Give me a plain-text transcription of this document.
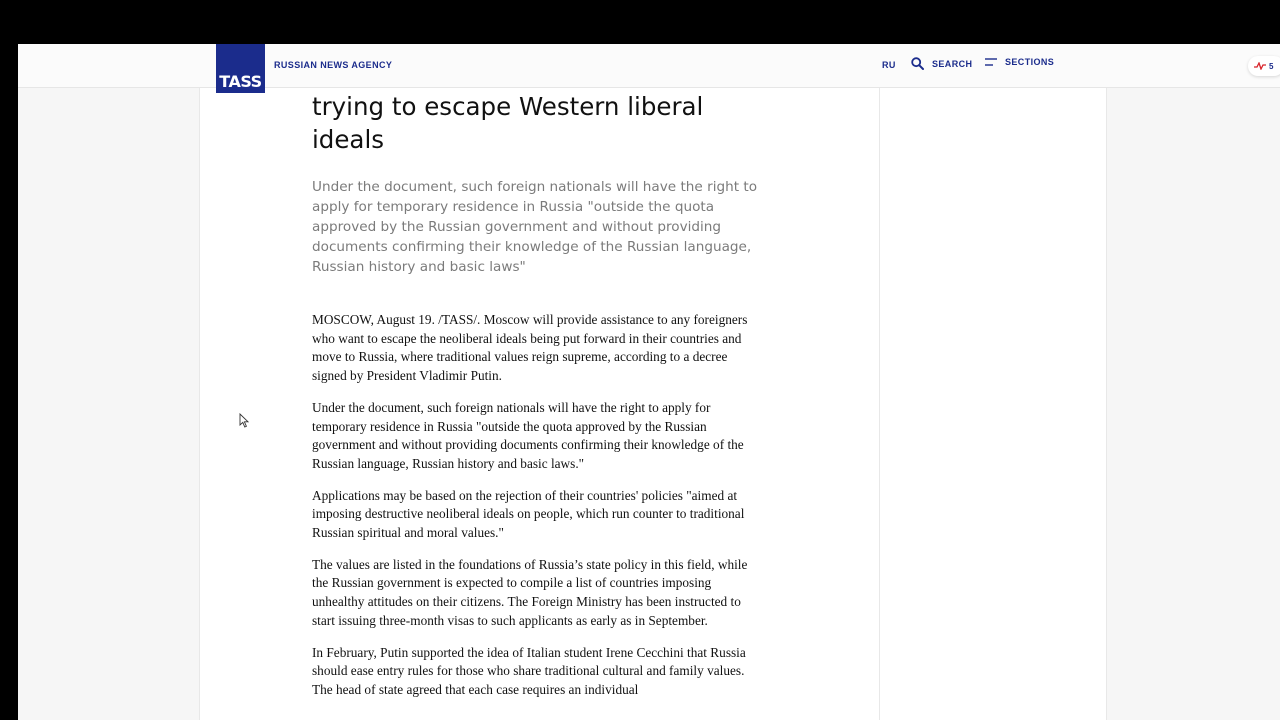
trying to escape Western liberal
ideals
Under the document, such foreign nationals will have the right to apply for temporary residence in Russia "outside the quota approved by the Russian government and without providing documents confirming their knowledge of the Russian language, Russian history and basic laws"

MOSCOW, August 19. /TASS/. Moscow will provide assistance to any foreigners who want to escape the neoliberal ideals being put forward in their countries and move to Russia, where traditional values reign supreme, according to a decree signed by President Vladimir Putin.

Under the document, such foreign nationals will have the right to apply for temporary residence in Russia "outside the quota approved by the Russian government and without providing documents confirming their knowledge of the Russian language, Russian history and basic laws."

Applications may be based on the rejection of their countries' policies "aimed at imposing destructive neoliberal ideals on people, which run counter to traditional Russian spiritual and moral values."

The values are listed in the foundations of Russia’s state policy in this field, while the Russian government is expected to compile a list of countries imposing unhealthy attitudes on their citizens. The Foreign Ministry has been instructed to start issuing three-month visas to such applicants as early as in September.

In February, Putin supported the idea of Italian student Irene Cecchini that Russia should ease entry rules for those who share traditional cultural and family values. The head of state agreed that each case requires an individual

RUSSIAN NEWS AGENCY	RU	SEARCH	SECTIONS	5
TASS
